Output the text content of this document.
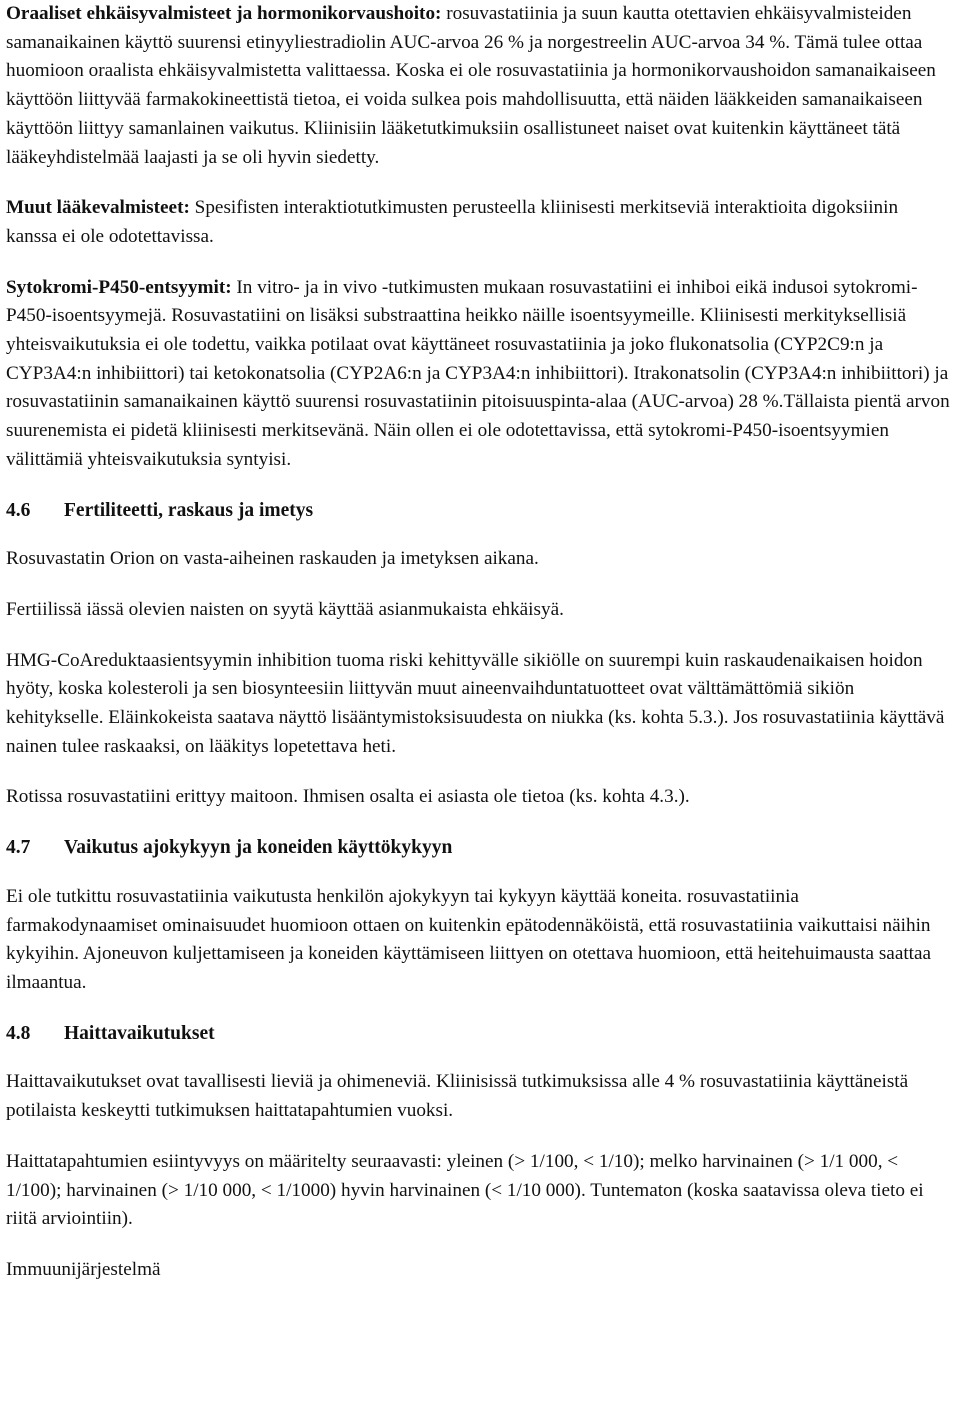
Oraaliset ehkäisyvalmisteet ja hormonikorvaushoito: rosuvastatiinia ja suun kautta otettavien ehkäisyvalmisteiden samanaikainen käyttö suurensi etinyyliestradiolin AUC-arvoa 26 % ja norgestreelin AUC-arvoa 34 %. Tämä tulee ottaa huomioon oraalista ehkäisyvalmistetta valittaessa. Koska ei ole rosuvastatiinia ja hormonikorvaushoidon samanaikaiseen käyttöön liittyvää farmakokineettistä tietoa, ei voida sulkea pois mahdollisuutta, että näiden lääkkeiden samanaikaiseen käyttöön liittyy samanlainen vaikutus. Kliinisiin lääketutkimuksiin osallistuneet naiset ovat kuitenkin käyttäneet tätä lääkeyhdistelmää laajasti ja se oli hyvin siedetty.

Muut lääkevalmisteet: Spesifisten interaktiotutkimusten perusteella kliinisesti merkitseviä interaktioita digoksiinin kanssa ei ole odotettavissa.

Sytokromi-P450-entsyymit: In vitro- ja in vivo -tutkimusten mukaan rosuvastatiini ei inhiboi eikä indusoi sytokromi-P450-isoentsyymejä. Rosuvastatiini on lisäksi substraattina heikko näille isoentsyymeille. Kliinisesti merkityksellisiä yhteisvaikutuksia ei ole todettu, vaikka potilaat ovat käyttäneet rosuvastatiinia ja joko flukonatsolia (CYP2C9:n ja CYP3A4:n inhibiittori) tai ketokonatsolia (CYP2A6:n ja CYP3A4:n inhibiittori). Itrakonatsolin (CYP3A4:n inhibiittori) ja rosuvastatiinin samanaikainen käyttö suurensi rosuvastatiinin pitoisuuspinta-alaa (AUC-arvoa) 28 %.Tällaista pientä arvon suurenemista ei pidetä kliinisesti merkitsevänä. Näin ollen ei ole odotettavissa, että sytokromi-P450-isoentsyymien välittämiä yhteisvaikutuksia syntyisi.

4.6 Fertiliteetti, raskaus ja imetys

Rosuvastatin Orion on vasta-aiheinen raskauden ja imetyksen aikana.

Fertiilissä iässä olevien naisten on syytä käyttää asianmukaista ehkäisyä.

HMG-CoAreduktaasientsyymin inhibition tuoma riski kehittyvälle sikiölle on suurempi kuin raskaudenaikaisen hoidon hyöty, koska kolesteroli ja sen biosynteesiin liittyvän muut aineenvaihduntatuotteet ovat välttämättömiä sikiön kehitykselle. Eläinkokeista saatava näyttö lisääntymistoksisuudesta on niukka (ks. kohta 5.3.). Jos rosuvastatiinia käyttävä nainen tulee raskaaksi, on lääkitys lopetettava heti.

Rotissa rosuvastatiini erittyy maitoon. Ihmisen osalta ei asiasta ole tietoa (ks. kohta 4.3.).

4.7 Vaikutus ajokykyyn ja koneiden käyttökykyyn

Ei ole tutkittu rosuvastatiinia vaikutusta henkilön ajokykyyn tai kykyyn käyttää koneita. rosuvastatiinia farmakodynaamiset ominaisuudet huomioon ottaen on kuitenkin epätodennäköistä, että rosuvastatiinia vaikuttaisi näihin kykyihin. Ajoneuvon kuljettamiseen ja koneiden käyttämiseen liittyen on otettava huomioon, että heitehuimausta saattaa ilmaantua.

4.8 Haittavaikutukset

Haittavaikutukset ovat tavallisesti lieviä ja ohimeneviä. Kliinisissä tutkimuksissa alle 4 % rosuvastatiinia käyttäneistä potilaista keskeytti tutkimuksen haittatapahtumien vuoksi.

Haittatapahtumien esiintyvyys on määritelty seuraavasti: yleinen (> 1/100, < 1/10); melko harvinainen (> 1/1 000, < 1/100); harvinainen (> 1/10 000, < 1/1000) hyvin harvinainen (< 1/10 000). Tuntematon (koska saatavissa oleva tieto ei riitä arviointiin).

Immuunijärjestelmä
